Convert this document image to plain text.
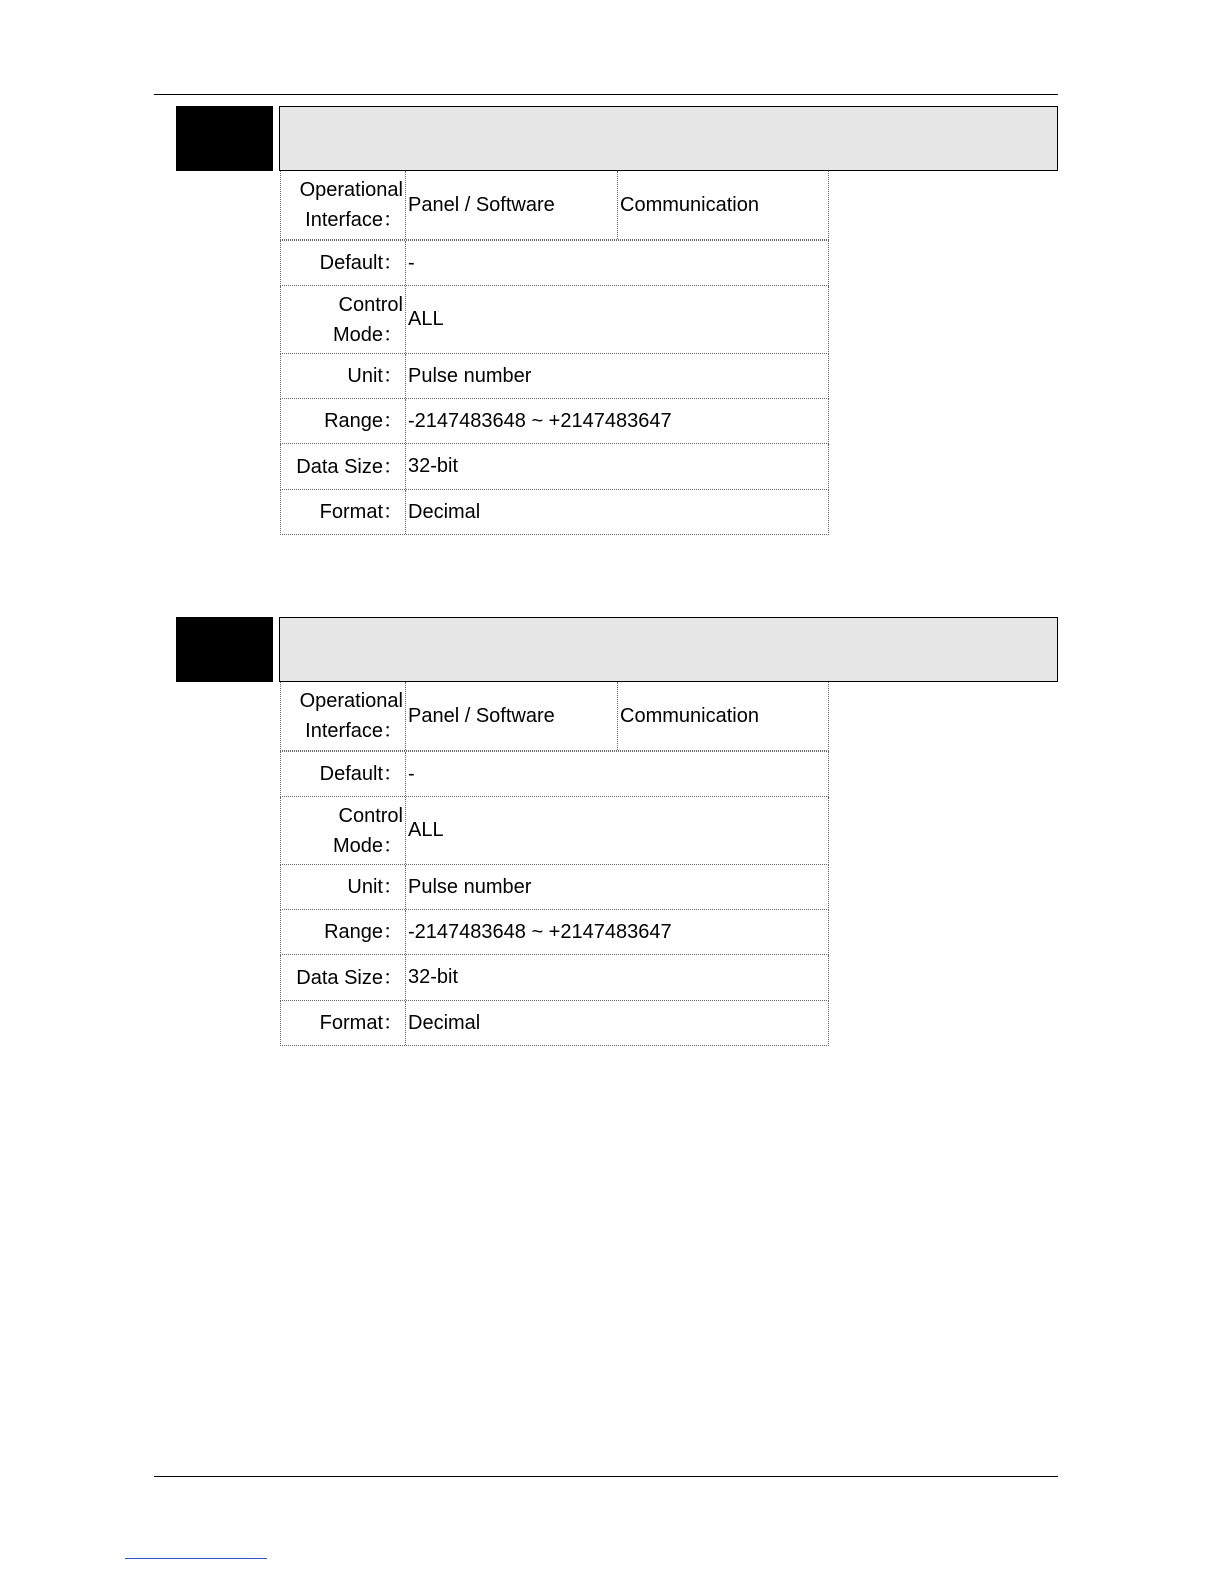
Operational
Interface：
Panel / Software	Communication
Default： -
Control
Mode：
ALL
Unit： Pulse number
Range： -2147483648 ~ +2147483647
Data Size： 32-bit
Format： Decimal
Operational
Interface：
Panel / Software	Communication
Default： -
Control
Mode：
ALL
Unit： Pulse number
Range： -2147483648 ~ +2147483647
Data Size： 32-bit
Format： Decimal
